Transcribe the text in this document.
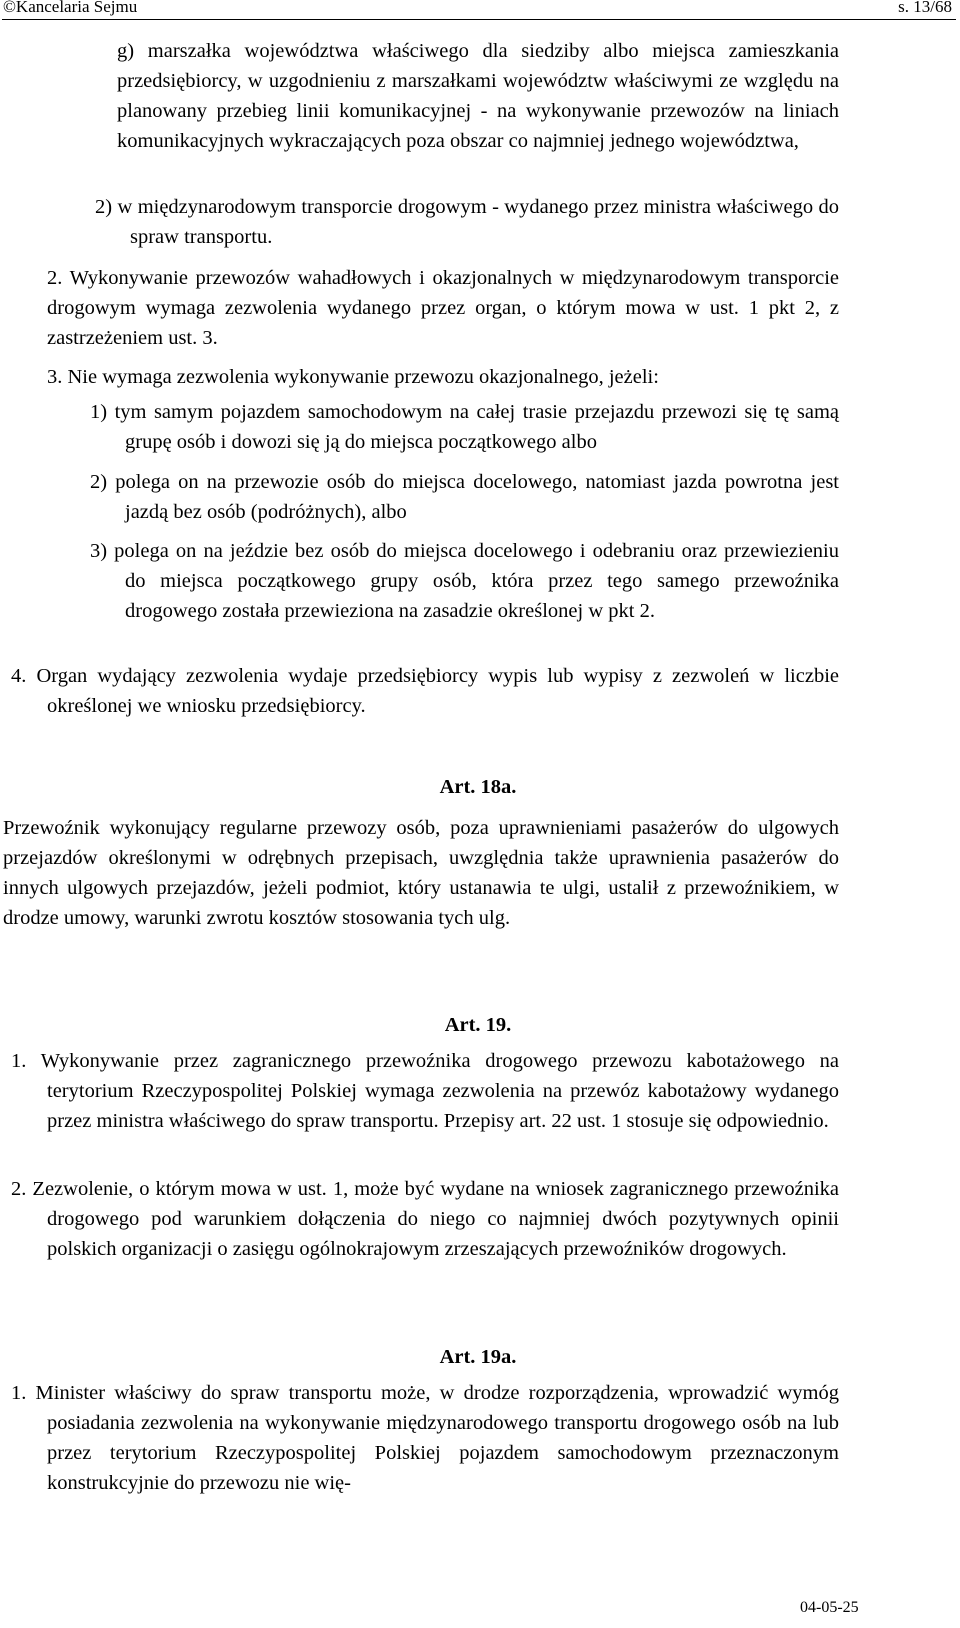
©Kancelaria Sejmu	s. 13/68
g) marszałka województwa właściwego dla siedziby albo miejsca zamieszkania przedsiębiorcy, w uzgodnieniu z marszałkami województw właściwymi ze względu na planowany przebieg linii komunikacyjnej - na wykonywanie przewozów na liniach komunikacyjnych wykraczających poza obszar co najmniej jednego województwa,
2) w międzynarodowym transporcie drogowym - wydanego przez ministra właściwego do spraw transportu.
2. Wykonywanie przewozów wahadłowych i okazjonalnych w międzynarodowym transporcie drogowym wymaga zezwolenia wydanego przez organ, o którym mowa w ust. 1 pkt 2, z zastrzeżeniem ust. 3.
3. Nie wymaga zezwolenia wykonywanie przewozu okazjonalnego, jeżeli:
1) tym samym pojazdem samochodowym na całej trasie przejazdu przewozi się tę samą grupę osób i dowozi się ją do miejsca początkowego albo
2) polega on na przewozie osób do miejsca docelowego, natomiast jazda powrotna jest jazdą bez osób (podróżnych), albo
3) polega on na jeździe bez osób do miejsca docelowego i odebraniu oraz przewiezieniu do miejsca początkowego grupy osób, która przez tego samego przewoźnika drogowego została przewieziona na zasadzie określonej w pkt 2.
4. Organ wydający zezwolenia wydaje przedsiębiorcy wypis lub wypisy z zezwoleń w liczbie określonej we wniosku przedsiębiorcy.
Art. 18a.
Przewoźnik wykonujący regularne przewozy osób, poza uprawnieniami pasażerów do ulgowych przejazdów określonymi w odrębnych przepisach, uwzględnia także uprawnienia pasażerów do innych ulgowych przejazdów, jeżeli podmiot, który ustanawia te ulgi, ustalił z przewoźnikiem, w drodze umowy, warunki zwrotu kosztów stosowania tych ulg.
Art. 19.
1. Wykonywanie przez zagranicznego przewoźnika drogowego przewozu kabotażowego na terytorium Rzeczypospolitej Polskiej wymaga zezwolenia na przewóz kabotażowy wydanego przez ministra właściwego do spraw transportu. Przepisy art. 22 ust. 1 stosuje się odpowiednio.
2. Zezwolenie, o którym mowa w ust. 1, może być wydane na wniosek zagranicznego przewoźnika drogowego pod warunkiem dołączenia do niego co najmniej dwóch pozytywnych opinii polskich organizacji o zasięgu ogólnokrajowym zrzeszających przewoźników drogowych.
Art. 19a.
1. Minister właściwy do spraw transportu może, w drodze rozporządzenia, wprowadzić wymóg posiadania zezwolenia na wykonywanie międzynarodowego transportu drogowego osób na lub przez terytorium Rzeczypospolitej Polskiej pojazdem samochodowym przeznaczonym konstrukcyjnie do przewozu nie wię-
04-05-25
